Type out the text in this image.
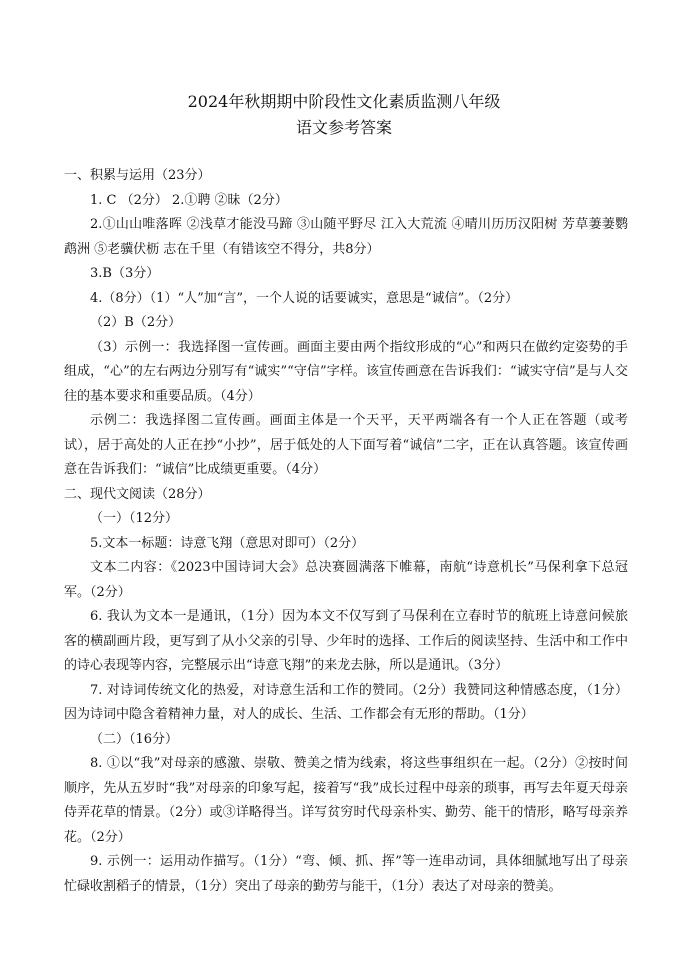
2024年秋期期中阶段性文化素质监测八年级
语文参考答案

一、积累与运用（23分）

1. C （2分） 2.①聘 ②昧（2分）

2.①山山唯落晖 ②浅草才能没马蹄 ③山随平野尽 江入大荒流 ④晴川历历汉阳树 芳草萋萋鹦鹉洲 ⑤老骥伏枥 志在千里（有错该空不得分，共8分）

3.B（3分）

4.（8分）（1）“人”加“言”，一个人说的话要诚实，意思是“诚信”。（2分）

（2）B（2分）

（3）示例一：我选择图一宣传画。画面主要由两个指纹形成的“心”和两只在做约定姿势的手组成，“心”的左右两边分别写有“诚实”“守信”字样。该宣传画意在告诉我们：“诚实守信”是与人交往的基本要求和重要品质。（4分）

示例二：我选择图二宣传画。画面主体是一个天平，天平两端各有一个人正在答题（或考试），居于高处的人正在抄“小抄”，居于低处的人下面写着“诚信”二字，正在认真答题。该宣传画意在告诉我们：“诚信”比成绩更重要。（4分）

二、现代文阅读（28分）

（一）（12分）

5.文本一标题：诗意飞翔（意思对即可）（2分）

文本二内容：《2023中国诗词大会》总决赛圆满落下帷幕，南航“诗意机长”马保利拿下总冠军。（2分）

6. 我认为文本一是通讯，（1分）因为本文不仅写到了马保利在立春时节的航班上诗意问候旅客的横副画片段，更写到了从小父亲的引导、少年时的选择、工作后的阅读坚持、生活中和工作中的诗心表现等内容，完整展示出“诗意飞翔”的来龙去脉，所以是通讯。（3分）

7. 对诗词传统文化的热爱，对诗意生活和工作的赞同。（2分）我赞同这种情感态度，（1分）因为诗词中隐含着精神力量，对人的成长、生活、工作都会有无形的帮助。（1分）

（二）（16分）

8. ①以“我”对母亲的感激、崇敬、赞美之情为线索，将这些事组织在一起。（2分）②按时间顺序，先从五岁时“我”对母亲的印象写起，接着写“我”成长过程中母亲的琐事，再写去年夏天母亲侍弄花草的情景。（2分）或③详略得当。详写贫穷时代母亲朴实、勤劳、能干的情形，略写母亲养花。（2分）

9. 示例一：运用动作描写。（1分）“弯、倾、抓、挥”等一连串动词，具体细腻地写出了母亲忙碌收割稻子的情景，（1分）突出了母亲的勤劳与能干，（1分）表达了对母亲的赞美。
